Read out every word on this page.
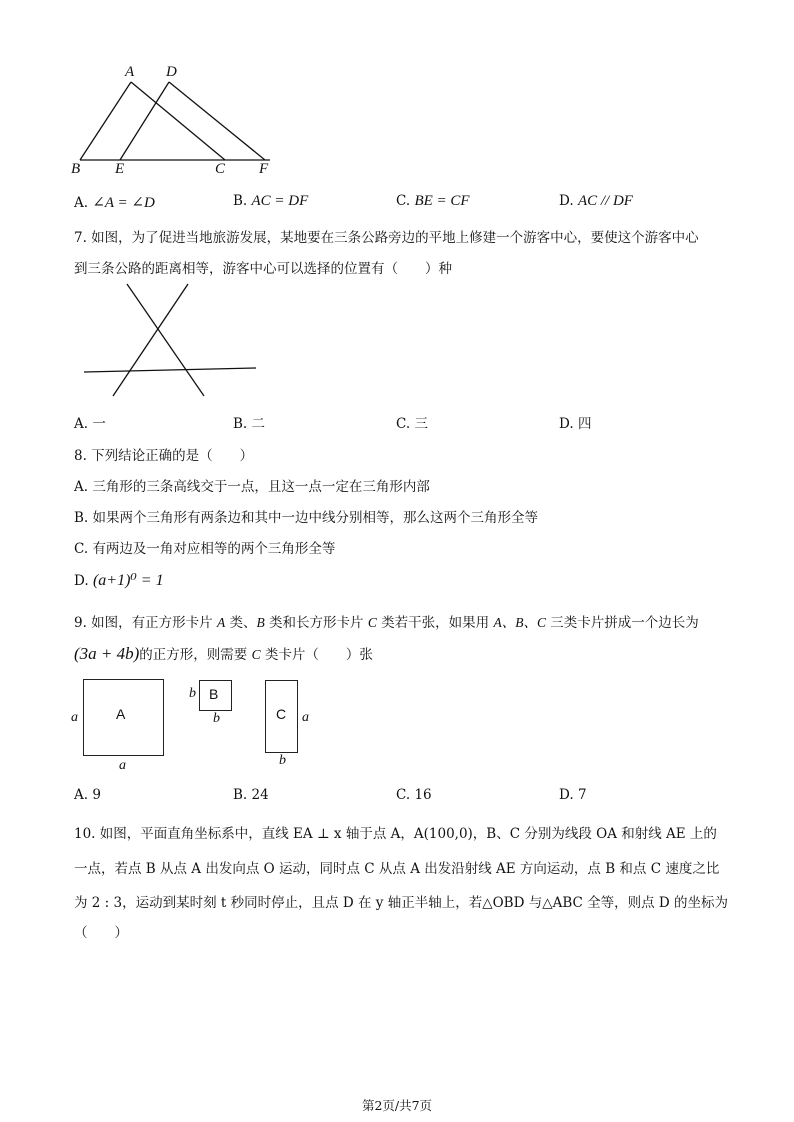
A D
B E	C F
A. ∠A = ∠D	B. AC = DF	C. BE = CF	D. AC // DF
7. 如图，为了促进当地旅游发展，某地要在三条公路旁边的平地上修建一个游客中心，要使这个游客中心
到三条公路的距离相等，游客中心可以选择的位置有（　　）种
A. 一	B. 二	C. 三	D. 四
8. 下列结论正确的是（　　）
A. 三角形的三条高线交于一点，且这一点一定在三角形内部
B. 如果两个三角形有两条边和其中一边中线分别相等，那么这两个三角形全等
C. 有两边及一角对应相等的两个三角形全等
D. (a+1)⁰ = 1
9. 如图，有正方形卡片 A 类、B 类和长方形卡片 C 类若干张，如果用 A、B、C 三类卡片拼成一个边长为
(3a + 4b)的正方形，则需要 C 类卡片（　　）张
A
a
a
B
b
b	C a
b
A. 9	B. 24	C. 16	D. 7
10. 如图，平面直角坐标系中，直线 EA ⊥ x 轴于点 A，A(100,0)，B、C 分别为线段 OA 和射线 AE 上的
一点，若点 B 从点 A 出发向点 O 运动，同时点 C 从点 A 出发沿射线 AE 方向运动，点 B 和点 C 速度之比
为 2 : 3，运动到某时刻 t 秒同时停止，且点 D 在 y 轴正半轴上，若△OBD 与△ABC 全等，则点 D 的坐标为
（　　）
第2页/共7页
